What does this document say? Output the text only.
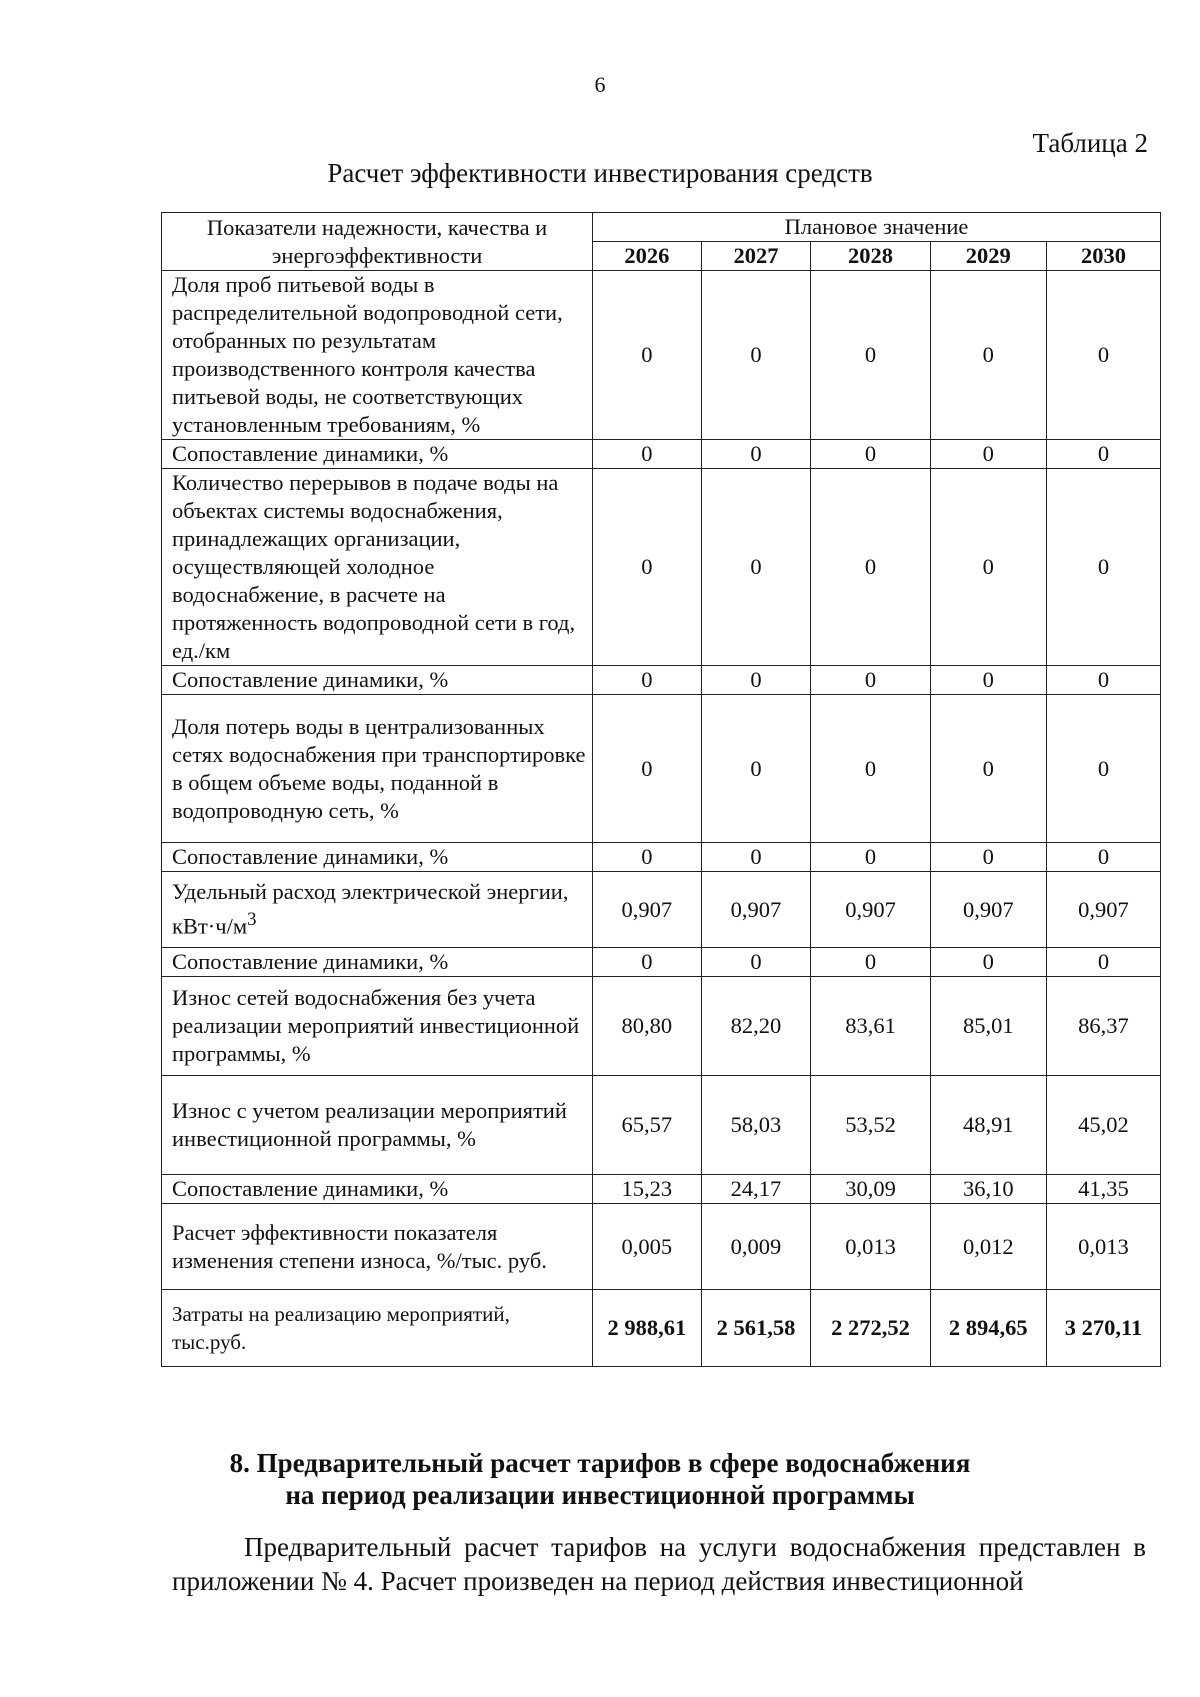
6
Таблица 2
Расчет эффективности инвестирования средств
Показатели надежности, качества и энергоэффективности	Плановое значение				
	2026	2027	2028	2029	2030
Доля проб питьевой воды в распределительной водопроводной сети, отобранных по результатам производственного контроля качества питьевой воды, не соответствующих установленным требованиям, %	0	0	0	0	0
Сопоставление динамики, %	0	0	0	0	0
Количество перерывов в подаче воды на объектах системы водоснабжения, принадлежащих организации, осуществляющей холодное водоснабжение, в расчете на протяженность водопроводной сети в год, ед./км	0	0	0	0	0
Сопоставление динамики, %	0	0	0	0	0
Доля потерь воды в централизованных сетях водоснабжения при транспортировке в общем объеме воды, поданной в водопроводную сеть, %	0	0	0	0	0
Сопоставление динамики, %	0	0	0	0	0
Удельный расход электрической энергии, $кВт\cdot ч/м^3$	0,907	0,907	0,907	0,907	0,907
Сопоставление динамики, %	0	0	0	0	0
Износ сетей водоснабжения без учета реализации мероприятий инвестиционной программы, %	80,80	82,20	83,61	85,01	86,37
Износ с учетом реализации мероприятий инвестиционной программы, %	65,57	58,03	53,52	48,91	45,02
Сопоставление динамики, %	15,23	24,17	30,09	36,10	41,35
Расчет эффективности показателя изменения степени износа, %/тыс. руб.	0,005	0,009	0,013	0,012	0,013
Затраты на реализацию мероприятий, тыс.руб.	2 988,61	2 561,58	2 272,52	2 894,65	3 270,11
8. Предварительный расчет тарифов в сфере водоснабжения
на период реализации инвестиционной программы
Предварительный расчет тарифов на услуги водоснабжения представлен в приложении № 4. Расчет произведен на период действия инвестиционной
